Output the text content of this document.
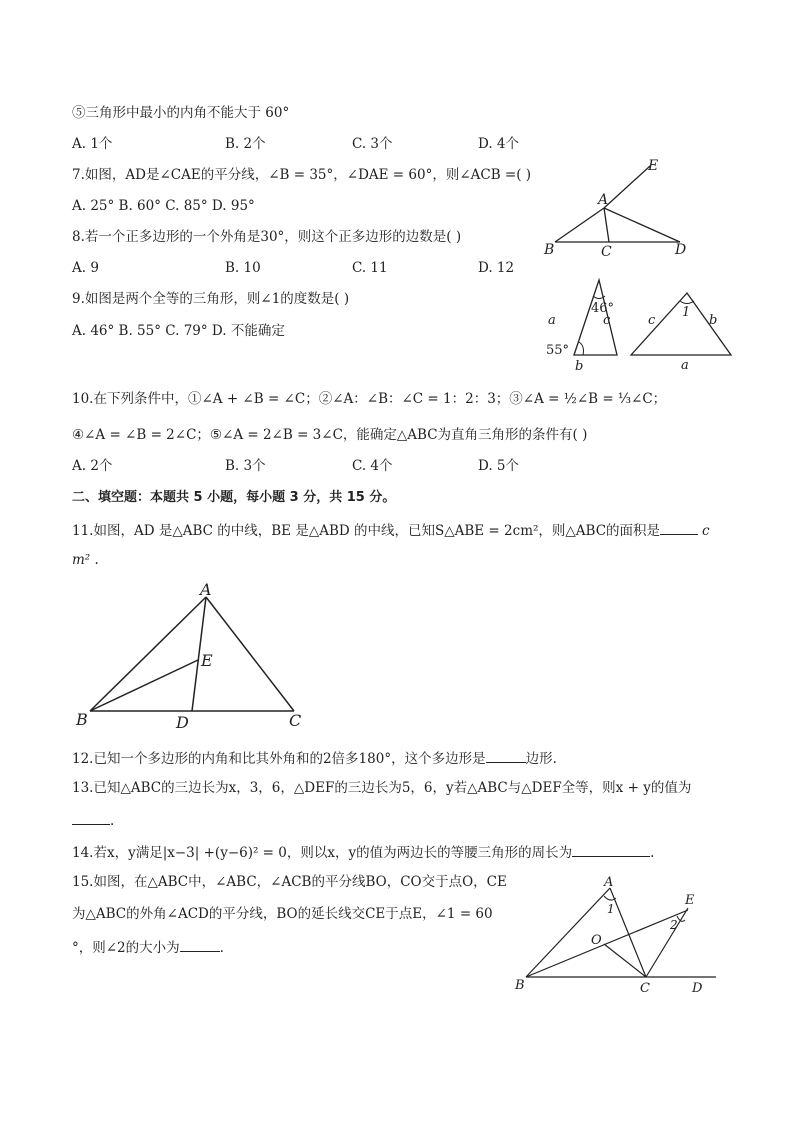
⑤三角形中最小的内角不能大于 60°
A. 1个	B. 2个	C. 3个	D. 4个
7.如图，AD是∠CAE的平分线，∠B = 35°，∠DAE = 60°，则∠ACB =( )
A. 25° B. 60° C. 85° D. 95°
E
A
B	C	D
8.若一个正多边形的一个外角是30°，则这个正多边形的边数是( )
A. 9	B. 10	C. 11	D. 12
9.如图是两个全等的三角形，则∠1的度数是( )
A. 46° B. 55° C. 79° D. 不能确定
46°
a	c
55°
b
c
1
b
a
10.在下列条件中，①∠A + ∠B = ∠C；②∠A：∠B：∠C = 1：2：3；③∠A = ½∠B = ⅓∠C；
④∠A = ∠B = 2∠C；⑤∠A = 2∠B = 3∠C，能确定△ABC为直角三角形的条件有( )
A. 2个	B. 3个	C. 4个	D. 5个
二、填空题：本题共 5 小题，每小题 3 分，共 15 分。
11.如图，AD 是△ABC 的中线，BE 是△ABD 的中线，已知S△ABE = 2cm²，则△ABC的面积是	c
m² .
A
E
B	D	C
12.已知一个多边形的内角和比其外角和的2倍多180°，这个多边形是	边形.
13.已知△ABC的三边长为x，3，6，△DEF的三边长为5，6，y若△ABC与△DEF全等，则x + y的值为
.
14.若x，y满足|x−3| +(y−6)² = 0，则以x，y的值为两边长的等腰三角形的周长为	.
15.如图，在△ABC中，∠ABC，∠ACB的平分线BO，CO交于点O，CE
为△ABC的外角∠ACD的平分线，BO的延长线交CE于点E，∠1 = 60
°，则∠2的大小为	.
A
E
1
2
O
B	C	D
